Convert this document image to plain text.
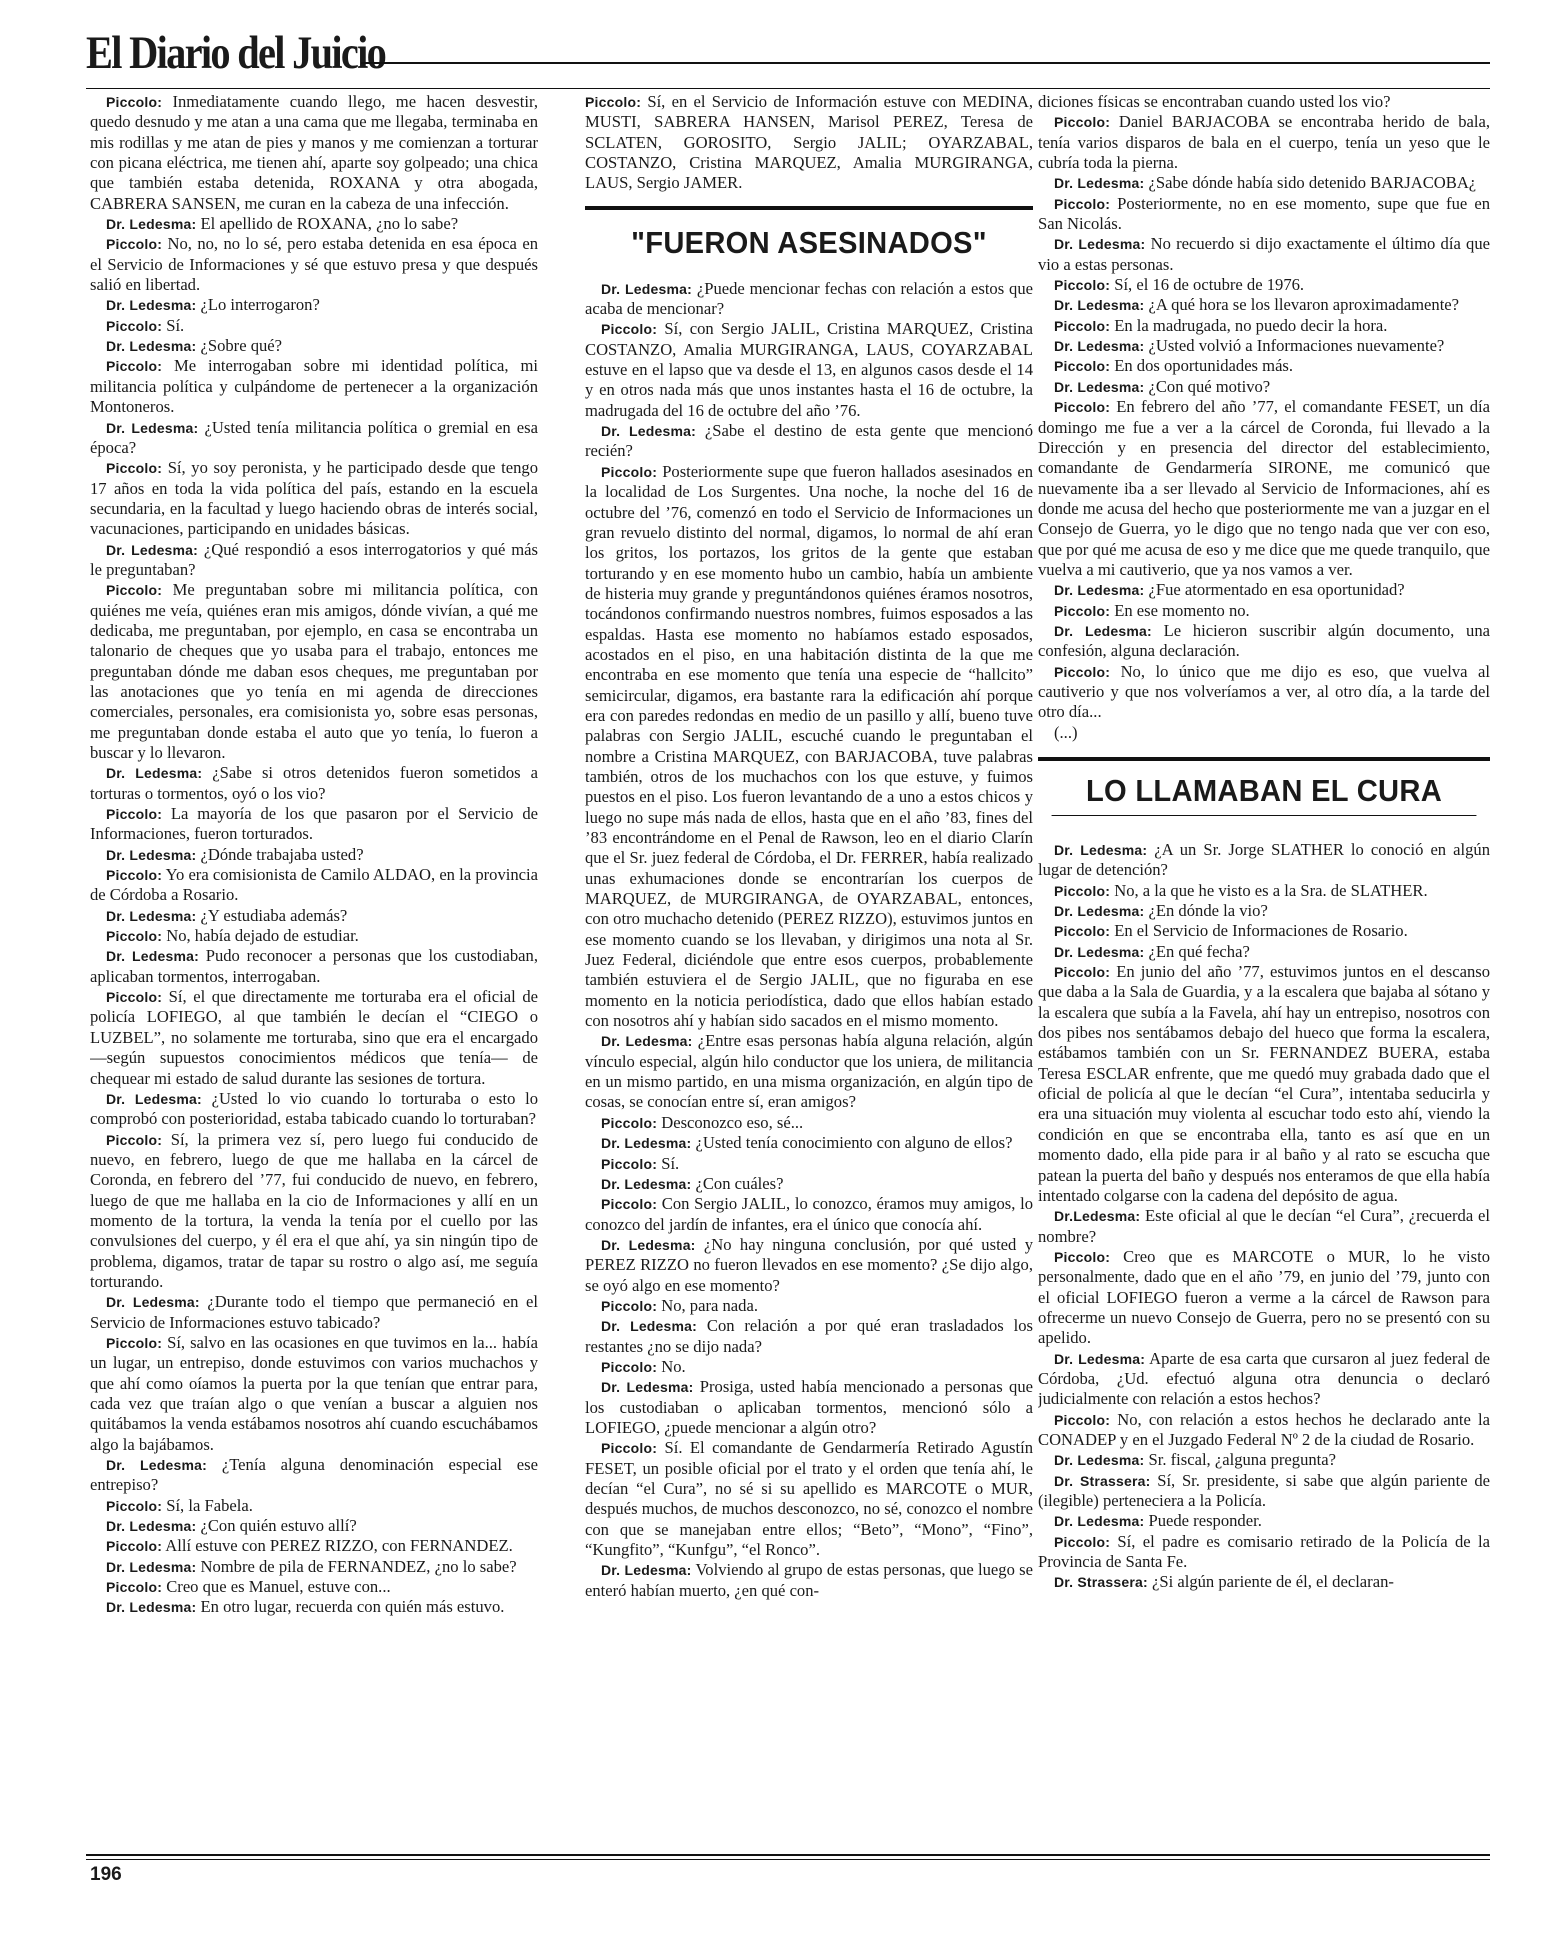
El Diario del Juicio

Piccolo: Inmediatamente cuando llego, me hacen desvestir, quedo desnudo y me atan a una cama que me llegaba, terminaba en mis rodillas y me atan de pies y manos y me comienzan a torturar con picana eléctrica, me tienen ahí, aparte soy golpeado; una chica que también estaba detenida, ROXANA y otra abogada, CABRERA SANSEN, me curan en la cabeza de una infección.

Dr. Ledesma: El apellido de ROXANA, ¿no lo sabe?

Piccolo: No, no, no lo sé, pero estaba detenida en esa época en el Servicio de Informaciones y sé que estuvo presa y que después salió en libertad.

Dr. Ledesma: ¿Lo interrogaron?

Piccolo: Sí.

Dr. Ledesma: ¿Sobre qué?

Piccolo: Me interrogaban sobre mi identidad política, mi militancia política y culpándome de pertenecer a la organización Montoneros.

Dr. Ledesma: ¿Usted tenía militancia política o gremial en esa época?

Piccolo: Sí, yo soy peronista, y he participado desde que tengo 17 años en toda la vida política del país, estando en la escuela secundaria, en la facultad y luego haciendo obras de interés social, vacunaciones, participando en unidades básicas.

Dr. Ledesma: ¿Qué respondió a esos interrogatorios y qué más le preguntaban?

Piccolo: Me preguntaban sobre mi militancia política, con quiénes me veía, quiénes eran mis amigos, dónde vivían, a qué me dedicaba, me preguntaban, por ejemplo, en casa se encontraba un talonario de cheques que yo usaba para el trabajo, entonces me preguntaban dónde me daban esos cheques, me preguntaban por las anotaciones que yo tenía en mi agenda de direcciones comerciales, personales, era comisionista yo, sobre esas personas, me preguntaban donde estaba el auto que yo tenía, lo fueron a buscar y lo llevaron.

Dr. Ledesma: ¿Sabe si otros detenidos fueron sometidos a torturas o tormentos, oyó o los vio?

Piccolo: La mayoría de los que pasaron por el Servicio de Informaciones, fueron torturados.

Dr. Ledesma: ¿Dónde trabajaba usted?

Piccolo: Yo era comisionista de Camilo ALDAO, en la provincia de Córdoba a Rosario.

Dr. Ledesma: ¿Y estudiaba además?

Piccolo: No, había dejado de estudiar.

Dr. Ledesma: Pudo reconocer a personas que los custodiaban, aplicaban tormentos, interrogaban.

Piccolo: Sí, el que directamente me torturaba era el oficial de policía LOFIEGO, al que también le decían el “CIEGO o LUZBEL”, no solamente me torturaba, sino que era el encargado —según supuestos conocimientos médicos que tenía— de chequear mi estado de salud durante las sesiones de tortura.

Dr. Ledesma: ¿Usted lo vio cuando lo torturaba o esto lo comprobó con posterioridad, estaba tabicado cuando lo torturaban?

Piccolo: Sí, la primera vez sí, pero luego fui conducido de nuevo, en febrero, luego de que me hallaba en la cárcel de Coronda, en febrero del ’77, fui conducido de nuevo, en febrero, luego de que me hallaba en la cio de Informaciones y allí en un momento de la tortura, la venda la tenía por el cuello por las convulsiones del cuerpo, y él era el que ahí, ya sin ningún tipo de problema, digamos, tratar de tapar su rostro o algo así, me seguía torturando.

Dr. Ledesma: ¿Durante todo el tiempo que permaneció en el Servicio de Informaciones estuvo tabicado?

Piccolo: Sí, salvo en las ocasiones en que tuvimos en la... había un lugar, un entrepiso, donde estuvimos con varios muchachos y que ahí como oíamos la puerta por la que tenían que entrar para, cada vez que traían algo o que venían a buscar a alguien nos quitábamos la venda estábamos nosotros ahí cuando escuchábamos algo la bajábamos.

Dr. Ledesma: ¿Tenía alguna denominación especial ese entrepiso?

Piccolo: Sí, la Fabela.

Dr. Ledesma: ¿Con quién estuvo allí?

Piccolo: Allí estuve con PEREZ RIZZO, con FERNANDEZ.

Dr. Ledesma: Nombre de pila de FERNANDEZ, ¿no lo sabe?

Piccolo: Creo que es Manuel, estuve con...

Dr. Ledesma: En otro lugar, recuerda con quién más estuvo.

Piccolo: Sí, en el Servicio de Información estuve con MEDINA, MUSTI, SABRERA HANSEN, Marisol PEREZ, Teresa de SCLATEN, GOROSITO, Sergio JALIL; OYARZABAL, COSTANZO, Cristina MARQUEZ, Amalia MURGIRANGA, LAUS, Sergio JAMER.

"FUERON ASESINADOS"

Dr. Ledesma: ¿Puede mencionar fechas con relación a estos que acaba de mencionar?

Piccolo: Sí, con Sergio JALIL, Cristina MARQUEZ, Cristina COSTANZO, Amalia MURGIRANGA, LAUS, COYARZABAL estuve en el lapso que va desde el 13, en algunos casos desde el 14 y en otros nada más que unos instantes hasta el 16 de octubre, la madrugada del 16 de octubre del año ’76.

Dr. Ledesma: ¿Sabe el destino de esta gente que mencionó recién?

Piccolo: Posteriormente supe que fueron hallados asesinados en la localidad de Los Surgentes. Una noche, la noche del 16 de octubre del ’76, comenzó en todo el Servicio de Informaciones un gran revuelo distinto del normal, digamos, lo normal de ahí eran los gritos, los portazos, los gritos de la gente que estaban torturando y en ese momento hubo un cambio, había un ambiente de histeria muy grande y preguntándonos quiénes éramos nosotros, tocándonos confirmando nuestros nombres, fuimos esposados a las espaldas. Hasta ese momento no habíamos estado esposados, acostados en el piso, en una habitación distinta de la que me encontraba en ese momento que tenía una especie de “hallcito” semicircular, digamos, era bastante rara la edificación ahí porque era con paredes redondas en medio de un pasillo y allí, bueno tuve palabras con Sergio JALIL, escuché cuando le preguntaban el nombre a Cristina MARQUEZ, con BARJACOBA, tuve palabras también, otros de los muchachos con los que estuve, y fuimos puestos en el piso. Los fueron levantando de a uno a estos chicos y luego no supe más nada de ellos, hasta que en el año ’83, fines del ’83 encontrándome en el Penal de Rawson, leo en el diario Clarín que el Sr. juez federal de Córdoba, el Dr. FERRER, había realizado unas exhumaciones donde se encontrarían los cuerpos de MARQUEZ, de MURGIRANGA, de OYARZABAL, entonces, con otro muchacho detenido (PEREZ RIZZO), estuvimos juntos en ese momento cuando se los llevaban, y dirigimos una nota al Sr. Juez Federal, diciéndole que entre esos cuerpos, probablemente también estuviera el de Sergio JALIL, que no figuraba en ese momento en la noticia periodística, dado que ellos habían estado con nosotros ahí y habían sido sacados en el mismo momento.

Dr. Ledesma: ¿Entre esas personas había alguna relación, algún vínculo especial, algún hilo conductor que los uniera, de militancia en un mismo partido, en una misma organización, en algún tipo de cosas, se conocían entre sí, eran amigos?

Piccolo: Desconozco eso, sé...

Dr. Ledesma: ¿Usted tenía conocimiento con alguno de ellos?

Piccolo: Sí.

Dr. Ledesma: ¿Con cuáles?

Piccolo: Con Sergio JALIL, lo conozco, éramos muy amigos, lo conozco del jardín de infantes, era el único que conocía ahí.

Dr. Ledesma: ¿No hay ninguna conclusión, por qué usted y PEREZ RIZZO no fueron llevados en ese momento? ¿Se dijo algo, se oyó algo en ese momento?

Piccolo: No, para nada.

Dr. Ledesma: Con relación a por qué eran trasladados los restantes ¿no se dijo nada?

Piccolo: No.

Dr. Ledesma: Prosiga, usted había mencionado a personas que los custodiaban o aplicaban tormentos, mencionó sólo a LOFIEGO, ¿puede mencionar a algún otro?

Piccolo: Sí. El comandante de Gendarmería Retirado Agustín FESET, un posible oficial por el trato y el orden que tenía ahí, le decían “el Cura”, no sé si su apellido es MARCOTE o MUR, después muchos, de muchos desconozco, no sé, conozco el nombre con que se manejaban entre ellos; “Beto”, “Mono”, “Fino”, “Kungfito”, “Kunfgu”, “el Ronco”.

Dr. Ledesma: Volviendo al grupo de estas personas, que luego se enteró habían muerto, ¿en qué con-

diciones físicas se encontraban cuando usted los vio?

Piccolo: Daniel BARJACOBA se encontraba herido de bala, tenía varios disparos de bala en el cuerpo, tenía un yeso que le cubría toda la pierna.

Dr. Ledesma: ¿Sabe dónde había sido detenido BARJACOBA¿

Piccolo: Posteriormente, no en ese momento, supe que fue en San Nicolás.

Dr. Ledesma: No recuerdo si dijo exactamente el último día que vio a estas personas.

Piccolo: Sí, el 16 de octubre de 1976.

Dr. Ledesma: ¿A qué hora se los llevaron aproximadamente?

Piccolo: En la madrugada, no puedo decir la hora.

Dr. Ledesma: ¿Usted volvió a Informaciones nuevamente?

Piccolo: En dos oportunidades más.

Dr. Ledesma: ¿Con qué motivo?

Piccolo: En febrero del año ’77, el comandante FESET, un día domingo me fue a ver a la cárcel de Coronda, fui llevado a la Dirección y en presencia del director del establecimiento, comandante de Gendarmería SIRONE, me comunicó que nuevamente iba a ser llevado al Servicio de Informaciones, ahí es donde me acusa del hecho que posteriormente me van a juzgar en el Consejo de Guerra, yo le digo que no tengo nada que ver con eso, que por qué me acusa de eso y me dice que me quede tranquilo, que vuelva a mi cautiverio, que ya nos vamos a ver.

Dr. Ledesma: ¿Fue atormentado en esa oportunidad?

Piccolo: En ese momento no.

Dr. Ledesma: Le hicieron suscribir algún documento, una confesión, alguna declaración.

Piccolo: No, lo único que me dijo es eso, que vuelva al cautiverio y que nos volveríamos a ver, al otro día, a la tarde del otro día...

(...)

LO LLAMABAN EL CURA

Dr. Ledesma: ¿A un Sr. Jorge SLATHER lo conoció en algún lugar de detención?

Piccolo: No, a la que he visto es a la Sra. de SLATHER.

Dr. Ledesma: ¿En dónde la vio?

Piccolo: En el Servicio de Informaciones de Rosario.

Dr. Ledesma: ¿En qué fecha?

Piccolo: En junio del año ’77, estuvimos juntos en el descanso que daba a la Sala de Guardia, y a la escalera que bajaba al sótano y la escalera que subía a la Favela, ahí hay un entrepiso, nosotros con dos pibes nos sentábamos debajo del hueco que forma la escalera, estábamos también con un Sr. FERNANDEZ BUERA, estaba Teresa ESCLAR enfrente, que me quedó muy grabada dado que el oficial de policía al que le decían “el Cura”, intentaba seducirla y era una situación muy violenta al escuchar todo esto ahí, viendo la condición en que se encontraba ella, tanto es así que en un momento dado, ella pide para ir al baño y al rato se escucha que patean la puerta del baño y después nos enteramos de que ella había intentado colgarse con la cadena del depósito de agua.

Dr.Ledesma: Este oficial al que le decían “el Cura”, ¿recuerda el nombre?

Piccolo: Creo que es MARCOTE o MUR, lo he visto personalmente, dado que en el año ’79, en junio del ’79, junto con el oficial LOFIEGO fueron a verme a la cárcel de Rawson para ofrecerme un nuevo Consejo de Guerra, pero no se presentó con su apelido.

Dr. Ledesma: Aparte de esa carta que cursaron al juez federal de Córdoba, ¿Ud. efectuó alguna otra denuncia o declaró judicialmente con relación a estos hechos?

Piccolo: No, con relación a estos hechos he declarado ante la CONADEP y en el Juzgado Federal Nº 2 de la ciudad de Rosario.

Dr. Ledesma: Sr. fiscal, ¿alguna pregunta?

Dr. Strassera: Sí, Sr. presidente, si sabe que algún pariente de (ilegible) perteneciera a la Policía.

Dr. Ledesma: Puede responder.

Piccolo: Sí, el padre es comisario retirado de la Policía de la Provincia de Santa Fe.

Dr. Strassera: ¿Si algún pariente de él, el declaran-

196
